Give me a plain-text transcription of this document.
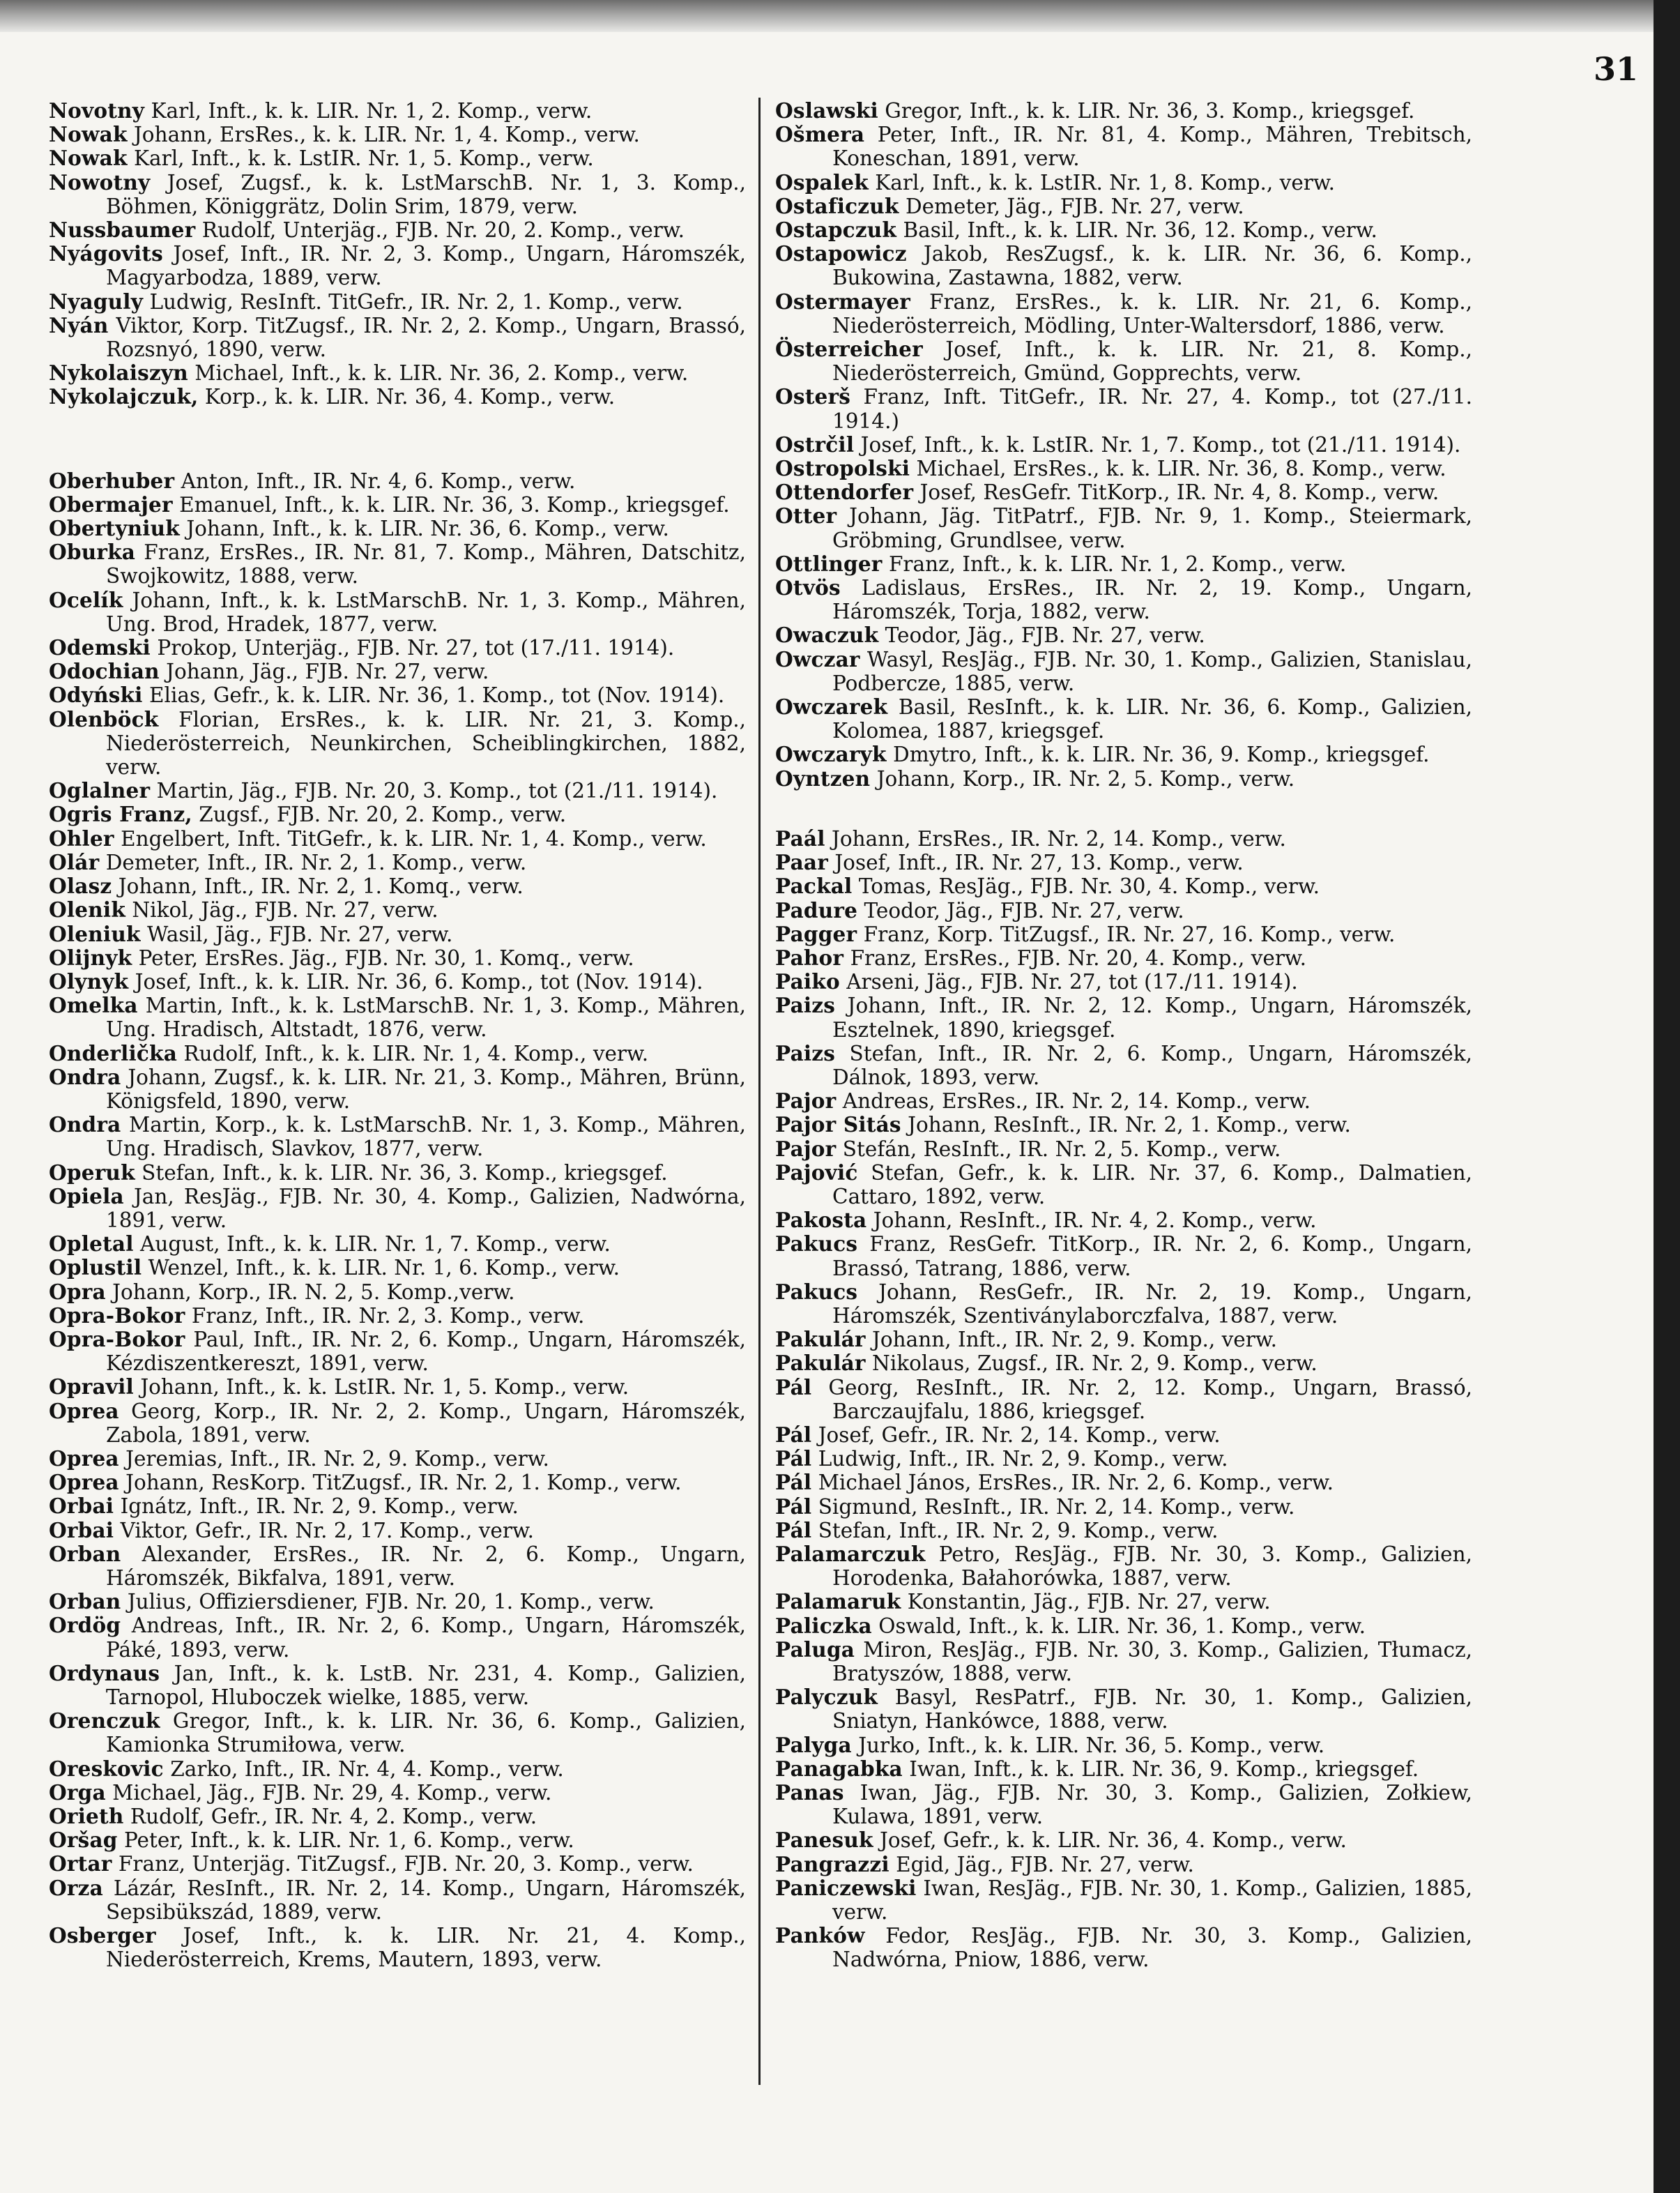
31

Novotny Karl, Inft., k. k. LIR. Nr. 1, 2. Komp., verw.

Nowak Johann, ErsRes., k. k. LIR. Nr. 1, 4. Komp., verw.

Nowak Karl, Inft., k. k. LstIR. Nr. 1, 5. Komp., verw.

Nowotny Josef, Zugsf., k. k. LstMarschB. Nr. 1, 3. Komp., Böhmen, Königgrätz, Dolin Srim, 1879, verw.

Nussbaumer Rudolf, Unterjäg., FJB. Nr. 20, 2. Komp., verw.

Nyágovits Josef, Inft., IR. Nr. 2, 3. Komp., Ungarn, Háromszék, Magyarbodza, 1889, verw.

Nyaguly Ludwig, ResInft. TitGefr., IR. Nr. 2, 1. Komp., verw.

Nyán Viktor, Korp. TitZugsf., IR. Nr. 2, 2. Komp., Ungarn, Brassó, Rozsnyó, 1890, verw.

Nykolaiszyn Michael, Inft., k. k. LIR. Nr. 36, 2. Komp., verw.

Nykolajczuk, Korp., k. k. LIR. Nr. 36, 4. Komp., verw.

Oberhuber Anton, Inft., IR. Nr. 4, 6. Komp., verw.

Obermajer Emanuel, Inft., k. k. LIR. Nr. 36, 3. Komp., kriegsgef.

Obertyniuk Johann, Inft., k. k. LIR. Nr. 36, 6. Komp., verw.

Oburka Franz, ErsRes., IR. Nr. 81, 7. Komp., Mähren, Datschitz, Swojkowitz, 1888, verw.

Ocelík Johann, Inft., k. k. LstMarschB. Nr. 1, 3. Komp., Mähren, Ung. Brod, Hradek, 1877, verw.

Odemski Prokop, Unterjäg., FJB. Nr. 27, tot (17./11. 1914).

Odochian Johann, Jäg., FJB. Nr. 27, verw.

Odyński Elias, Gefr., k. k. LIR. Nr. 36, 1. Komp., tot (Nov. 1914).

Olenböck Florian, ErsRes., k. k. LIR. Nr. 21, 3. Komp., Niederösterreich, Neunkirchen, Scheiblingkirchen, 1882, verw.

Oglalner Martin, Jäg., FJB. Nr. 20, 3. Komp., tot (21./11. 1914).

Ogris Franz, Zugsf., FJB. Nr. 20, 2. Komp., verw.

Ohler Engelbert, Inft. TitGefr., k. k. LIR. Nr. 1, 4. Komp., verw.

Olár Demeter, Inft., IR. Nr. 2, 1. Komp., verw.

Olasz Johann, Inft., IR. Nr. 2, 1. Komq., verw.

Olenik Nikol, Jäg., FJB. Nr. 27, verw.

Oleniuk Wasil, Jäg., FJB. Nr. 27, verw.

Olijnyk Peter, ErsRes. Jäg., FJB. Nr. 30, 1. Komq., verw.

Olynyk Josef, Inft., k. k. LIR. Nr. 36, 6. Komp., tot (Nov. 1914).

Omelka Martin, Inft., k. k. LstMarschB. Nr. 1, 3. Komp., Mähren, Ung. Hradisch, Altstadt, 1876, verw.

Onderlička Rudolf, Inft., k. k. LIR. Nr. 1, 4. Komp., verw.

Ondra Johann, Zugsf., k. k. LIR. Nr. 21, 3. Komp., Mähren, Brünn, Königsfeld, 1890, verw.

Ondra Martin, Korp., k. k. LstMarschB. Nr. 1, 3. Komp., Mähren, Ung. Hradisch, Slavkov, 1877, verw.

Operuk Stefan, Inft., k. k. LIR. Nr. 36, 3. Komp., kriegsgef.

Opiela Jan, ResJäg., FJB. Nr. 30, 4. Komp., Galizien, Nadwórna, 1891, verw.

Opletal August, Inft., k. k. LIR. Nr. 1, 7. Komp., verw.

Oplustil Wenzel, Inft., k. k. LIR. Nr. 1, 6. Komp., verw.

Opra Johann, Korp., IR. N. 2, 5. Komp.,verw.

Opra-Bokor Franz, Inft., IR. Nr. 2, 3. Komp., verw.

Opra-Bokor Paul, Inft., IR. Nr. 2, 6. Komp., Ungarn, Háromszék, Kézdiszentkereszt, 1891, verw.

Opravil Johann, Inft., k. k. LstIR. Nr. 1, 5. Komp., verw.

Oprea Georg, Korp., IR. Nr. 2, 2. Komp., Ungarn, Háromszék, Zabola, 1891, verw.

Oprea Jeremias, Inft., IR. Nr. 2, 9. Komp., verw.

Oprea Johann, ResKorp. TitZugsf., IR. Nr. 2, 1. Komp., verw.

Orbai Ignátz, Inft., IR. Nr. 2, 9. Komp., verw.

Orbai Viktor, Gefr., IR. Nr. 2, 17. Komp., verw.

Orban Alexander, ErsRes., IR. Nr. 2, 6. Komp., Ungarn, Háromszék, Bikfalva, 1891, verw.

Orban Julius, Offiziersdiener, FJB. Nr. 20, 1. Komp., verw.

Ordög Andreas, Inft., IR. Nr. 2, 6. Komp., Ungarn, Háromszék, Páké, 1893, verw.

Ordynaus Jan, Inft., k. k. LstB. Nr. 231, 4. Komp., Galizien, Tarnopol, Hluboczek wielke, 1885, verw.

Orenczuk Gregor, Inft., k. k. LIR. Nr. 36, 6. Komp., Galizien, Kamionka Strumiłowa, verw.

Oreskovic Zarko, Inft., IR. Nr. 4, 4. Komp., verw.

Orga Michael, Jäg., FJB. Nr. 29, 4. Komp., verw.

Orieth Rudolf, Gefr., IR. Nr. 4, 2. Komp., verw.

Oršag Peter, Inft., k. k. LIR. Nr. 1, 6. Komp., verw.

Ortar Franz, Unterjäg. TitZugsf., FJB. Nr. 20, 3. Komp., verw.

Orza Lázár, ResInft., IR. Nr. 2, 14. Komp., Ungarn, Háromszék, Sepsibükszád, 1889, verw.

Osberger Josef, Inft., k. k. LIR. Nr. 21, 4. Komp., Niederösterreich, Krems, Mautern, 1893, verw.

Oslawski Gregor, Inft., k. k. LIR. Nr. 36, 3. Komp., kriegsgef.

Ošmera Peter, Inft., IR. Nr. 81, 4. Komp., Mähren, Trebitsch, Koneschan, 1891, verw.

Ospalek Karl, Inft., k. k. LstIR. Nr. 1, 8. Komp., verw.

Ostaficzuk Demeter, Jäg., FJB. Nr. 27, verw.

Ostapczuk Basil, Inft., k. k. LIR. Nr. 36, 12. Komp., verw.

Ostapowicz Jakob, ResZugsf., k. k. LIR. Nr. 36, 6. Komp., Bukowina, Zastawna, 1882, verw.

Ostermayer Franz, ErsRes., k. k. LIR. Nr. 21, 6. Komp., Niederösterreich, Mödling, Unter-Waltersdorf, 1886, verw.

Österreicher Josef, Inft., k. k. LIR. Nr. 21, 8. Komp., Niederösterreich, Gmünd, Gopprechts, verw.

Osterš Franz, Inft. TitGefr., IR. Nr. 27, 4. Komp., tot (27./11. 1914.)

Ostrčil Josef, Inft., k. k. LstIR. Nr. 1, 7. Komp., tot (21./11. 1914).

Ostropolski Michael, ErsRes., k. k. LIR. Nr. 36, 8. Komp., verw.

Ottendorfer Josef, ResGefr. TitKorp., IR. Nr. 4, 8. Komp., verw.

Otter Johann, Jäg. TitPatrf., FJB. Nr. 9, 1. Komp., Steiermark, Gröbming, Grundlsee, verw.

Ottlinger Franz, Inft., k. k. LIR. Nr. 1, 2. Komp., verw.

Otvös Ladislaus, ErsRes., IR. Nr. 2, 19. Komp., Ungarn, Háromszék, Torja, 1882, verw.

Owaczuk Teodor, Jäg., FJB. Nr. 27, verw.

Owczar Wasyl, ResJäg., FJB. Nr. 30, 1. Komp., Galizien, Stanislau, Podbercze, 1885, verw.

Owczarek Basil, ResInft., k. k. LIR. Nr. 36, 6. Komp., Galizien, Kolomea, 1887, kriegsgef.

Owczaryk Dmytro, Inft., k. k. LIR. Nr. 36, 9. Komp., kriegsgef.

Oyntzen Johann, Korp., IR. Nr. 2, 5. Komp., verw.

Paál Johann, ErsRes., IR. Nr. 2, 14. Komp., verw.

Paar Josef, Inft., IR. Nr. 27, 13. Komp., verw.

Packal Tomas, ResJäg., FJB. Nr. 30, 4. Komp., verw.

Padure Teodor, Jäg., FJB. Nr. 27, verw.

Pagger Franz, Korp. TitZugsf., IR. Nr. 27, 16. Komp., verw.

Pahor Franz, ErsRes., FJB. Nr. 20, 4. Komp., verw.

Paiko Arseni, Jäg., FJB. Nr. 27, tot (17./11. 1914).

Paizs Johann, Inft., IR. Nr. 2, 12. Komp., Ungarn, Háromszék, Esztelnek, 1890, kriegsgef.

Paizs Stefan, Inft., IR. Nr. 2, 6. Komp., Ungarn, Háromszék, Dálnok, 1893, verw.

Pajor Andreas, ErsRes., IR. Nr. 2, 14. Komp., verw.

Pajor Sitás Johann, ResInft., IR. Nr. 2, 1. Komp., verw.

Pajor Stefán, ResInft., IR. Nr. 2, 5. Komp., verw.

Pajović Stefan, Gefr., k. k. LIR. Nr. 37, 6. Komp., Dalmatien, Cattaro, 1892, verw.

Pakosta Johann, ResInft., IR. Nr. 4, 2. Komp., verw.

Pakucs Franz, ResGefr. TitKorp., IR. Nr. 2, 6. Komp., Ungarn, Brassó, Tatrang, 1886, verw.

Pakucs Johann, ResGefr., IR. Nr. 2, 19. Komp., Ungarn, Háromszék, Szentiványlaborczfalva, 1887, verw.

Pakulár Johann, Inft., IR. Nr. 2, 9. Komp., verw.

Pakulár Nikolaus, Zugsf., IR. Nr. 2, 9. Komp., verw.

Pál Georg, ResInft., IR. Nr. 2, 12. Komp., Ungarn, Brassó, Barczaujfalu, 1886, kriegsgef.

Pál Josef, Gefr., IR. Nr. 2, 14. Komp., verw.

Pál Ludwig, Inft., IR. Nr. 2, 9. Komp., verw.

Pál Michael János, ErsRes., IR. Nr. 2, 6. Komp., verw.

Pál Sigmund, ResInft., IR. Nr. 2, 14. Komp., verw.

Pál Stefan, Inft., IR. Nr. 2, 9. Komp., verw.

Palamarczuk Petro, ResJäg., FJB. Nr. 30, 3. Komp., Galizien, Horodenka, Bałahorówka, 1887, verw.

Palamaruk Konstantin, Jäg., FJB. Nr. 27, verw.

Paliczka Oswald, Inft., k. k. LIR. Nr. 36, 1. Komp., verw.

Paluga Miron, ResJäg., FJB. Nr. 30, 3. Komp., Galizien, Tłumacz, Bratyszów, 1888, verw.

Palyczuk Basyl, ResPatrf., FJB. Nr. 30, 1. Komp., Galizien, Sniatyn, Hankówce, 1888, verw.

Palyga Jurko, Inft., k. k. LIR. Nr. 36, 5. Komp., verw.

Panagabka Iwan, Inft., k. k. LIR. Nr. 36, 9. Komp., kriegsgef.

Panas Iwan, Jäg., FJB. Nr. 30, 3. Komp., Galizien, Zołkiew, Kulawa, 1891, verw.

Panesuk Josef, Gefr., k. k. LIR. Nr. 36, 4. Komp., verw.

Pangrazzi Egid, Jäg., FJB. Nr. 27, verw.

Paniczewski Iwan, ResJäg., FJB. Nr. 30, 1. Komp., Galizien, 1885, verw.

Panków Fedor, ResJäg., FJB. Nr. 30, 3. Komp., Galizien, Nadwórna, Pniow, 1886, verw.
